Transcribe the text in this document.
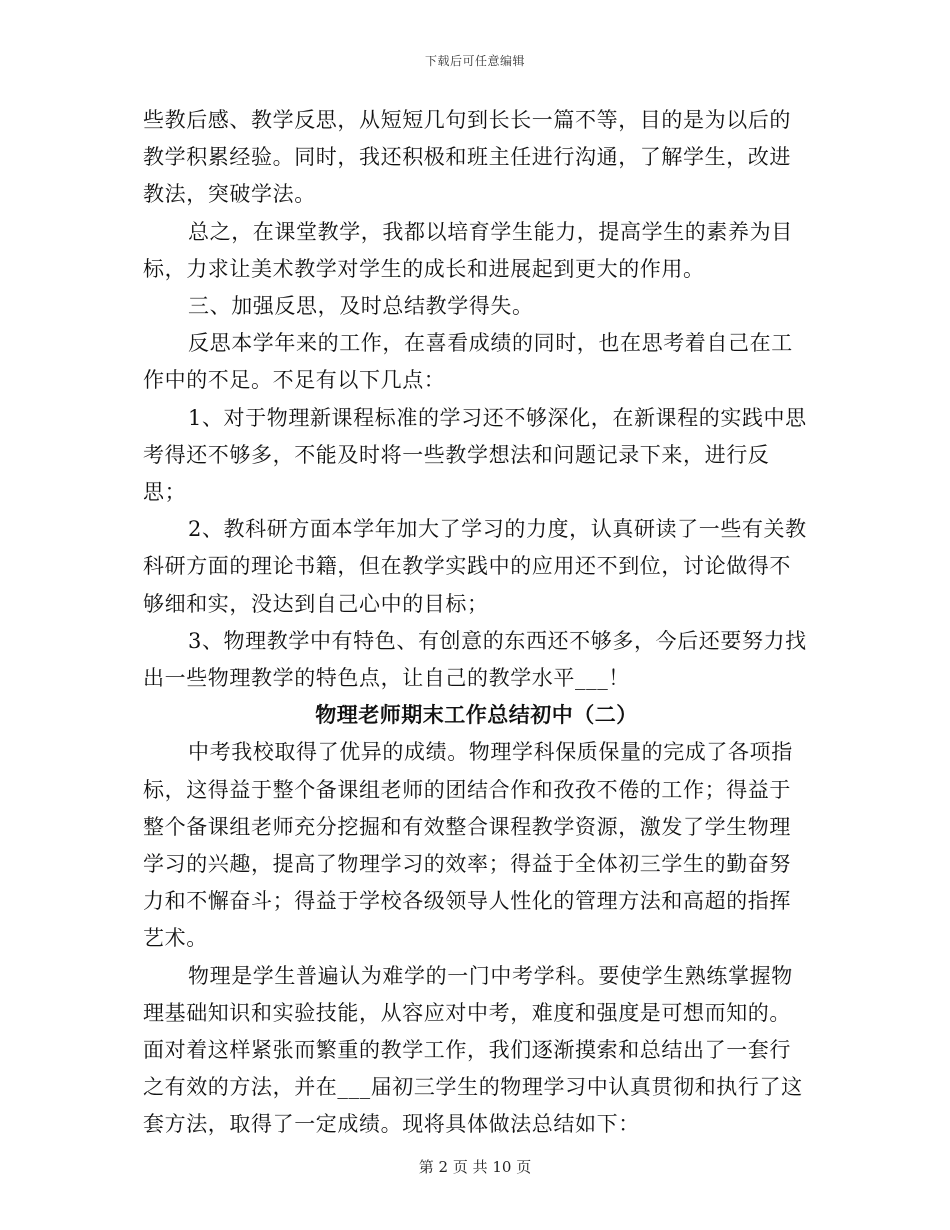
下载后可任意编辑

些教后感、教学反思，从短短几句到长长一篇不等，目的是为以后的教学积累经验。同时，我还积极和班主任进行沟通，了解学生，改进教法，突破学法。

总之，在课堂教学，我都以培育学生能力，提高学生的素养为目标，力求让美术教学对学生的成长和进展起到更大的作用。

三、加强反思，及时总结教学得失。

反思本学年来的工作，在喜看成绩的同时，也在思考着自己在工作中的不足。不足有以下几点：

1、对于物理新课程标准的学习还不够深化，在新课程的实践中思考得还不够多，不能及时将一些教学想法和问题记录下来，进行反思；

2、教科研方面本学年加大了学习的力度，认真研读了一些有关教科研方面的理论书籍，但在教学实践中的应用还不到位，讨论做得不够细和实，没达到自己心中的目标；

3、物理教学中有特色、有创意的东西还不够多，今后还要努力找出一些物理教学的特色点，让自己的教学水平___！

物理老师期末工作总结初中（二）

中考我校取得了优异的成绩。物理学科保质保量的完成了各项指标，这得益于整个备课组老师的团结合作和孜孜不倦的工作；得益于整个备课组老师充分挖掘和有效整合课程教学资源，激发了学生物理学习的兴趣，提高了物理学习的效率；得益于全体初三学生的勤奋努力和不懈奋斗；得益于学校各级领导人性化的管理方法和高超的指挥艺术。

物理是学生普遍认为难学的一门中考学科。要使学生熟练掌握物理基础知识和实验技能，从容应对中考，难度和强度是可想而知的。面对着这样紧张而繁重的教学工作，我们逐渐摸索和总结出了一套行之有效的方法，并在___届初三学生的物理学习中认真贯彻和执行了这套方法，取得了一定成绩。现将具体做法总结如下：

第 2 页 共 10 页
